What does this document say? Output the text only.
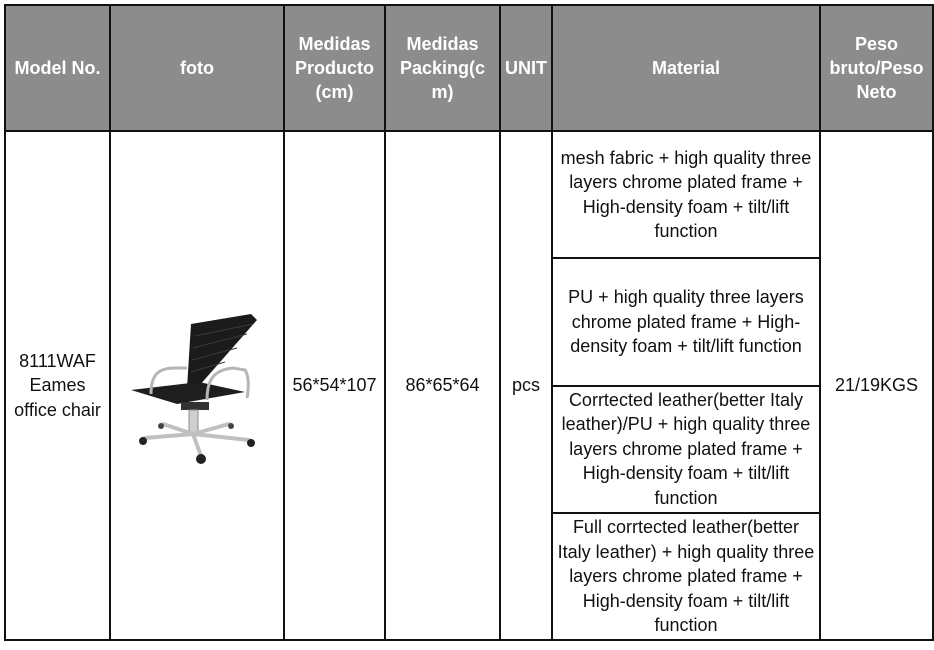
Model No.	foto	Medidas Producto (cm)	Medidas Packing(c m)	UNIT	Material	Peso bruto/Peso Neto
8111WAF Eames office chair		56*54*107	86*65*64	pcs	mesh fabric + high quality three layers chrome plated frame + High-density foam + tilt/lift function	21/19KGS
					PU + high quality three layers chrome plated frame + High-density foam + tilt/lift function	
					Corrtected leather(better Italy leather)/PU + high quality three layers chrome plated frame + High-density foam + tilt/lift function	
					Full corrtected leather(better Italy leather) + high quality three layers chrome plated frame + High-density foam + tilt/lift function	
